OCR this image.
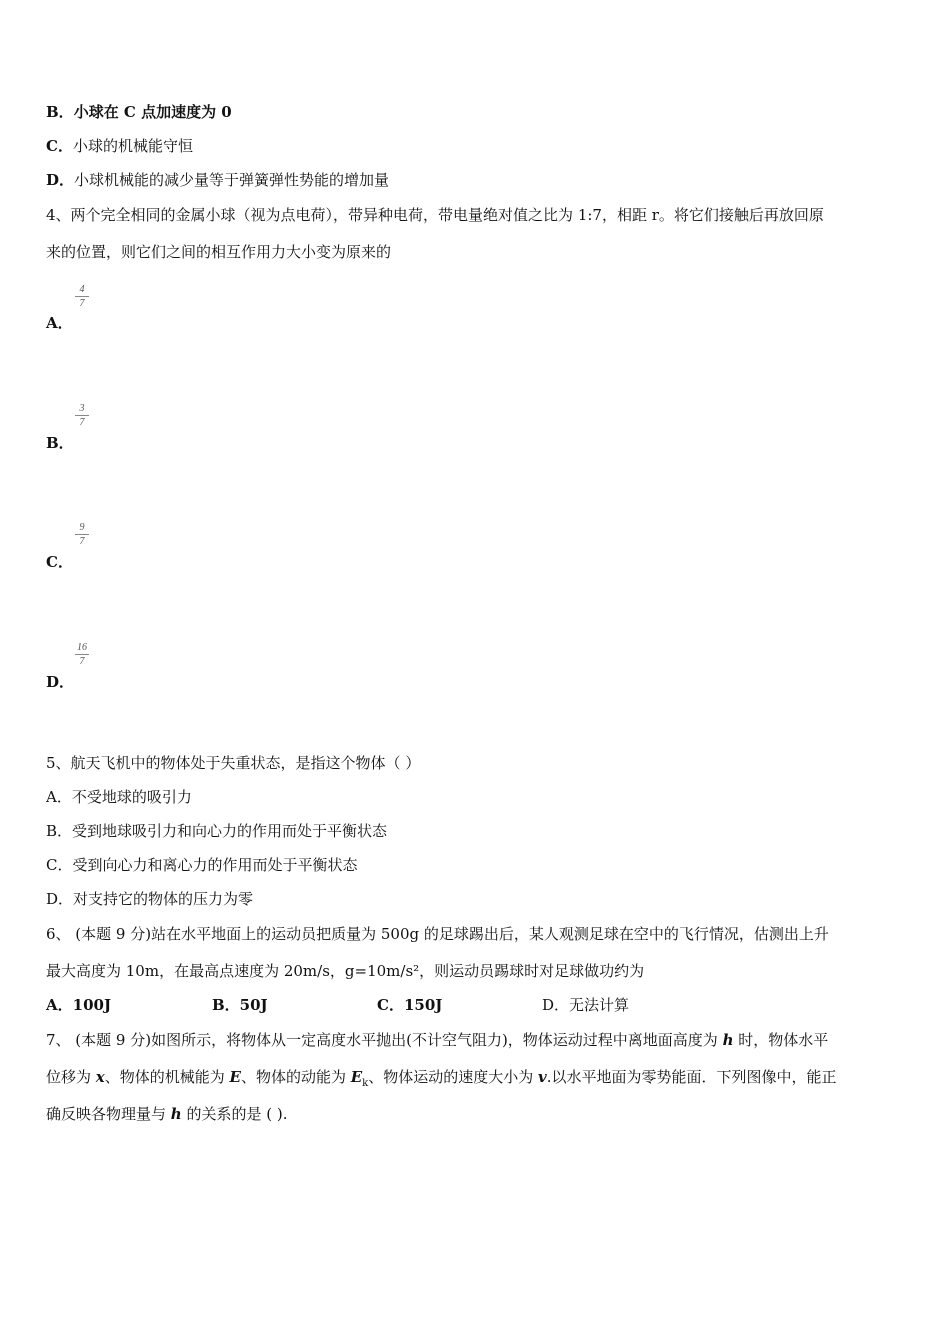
B．小球在 C 点加速度为 0
C．小球的机械能守恒
D．小球机械能的减少量等于弹簧弹性势能的增加量
4、两个完全相同的金属小球（视为点电荷），带异种电荷，带电量绝对值之比为 1:7，相距 r。将它们接触后再放回原
来的位置，则它们之间的相互作用力大小变为原来的
4
7
A．
3
7
B．
9
7
C．
16
7
D．
5、航天飞机中的物体处于失重状态，是指这个物体（ ）
A．不受地球的吸引力
B．受到地球吸引力和向心力的作用而处于平衡状态
C．受到向心力和离心力的作用而处于平衡状态
D．对支持它的物体的压力为零
6、 (本题 9 分)站在水平地面上的运动员把质量为 500g 的足球踢出后，某人观测足球在空中的飞行情况，估测出上升
最大高度为 10m，在最高点速度为 20m/s，g=10m/s²，则运动员踢球时对足球做功约为
A．100J	B．50J	C．150J	D．无法计算
7、 (本题 9 分)如图所示，将物体从一定高度水平抛出(不计空气阻力)，物体运动过程中离地面高度为 h 时，物体水平
位移为 x、物体的机械能为 E、物体的动能为 $E_k$、物体运动的速度大小为 v.以水平地面为零势能面．下列图像中，能正
确反映各物理量与 h 的关系的是 ( ).
